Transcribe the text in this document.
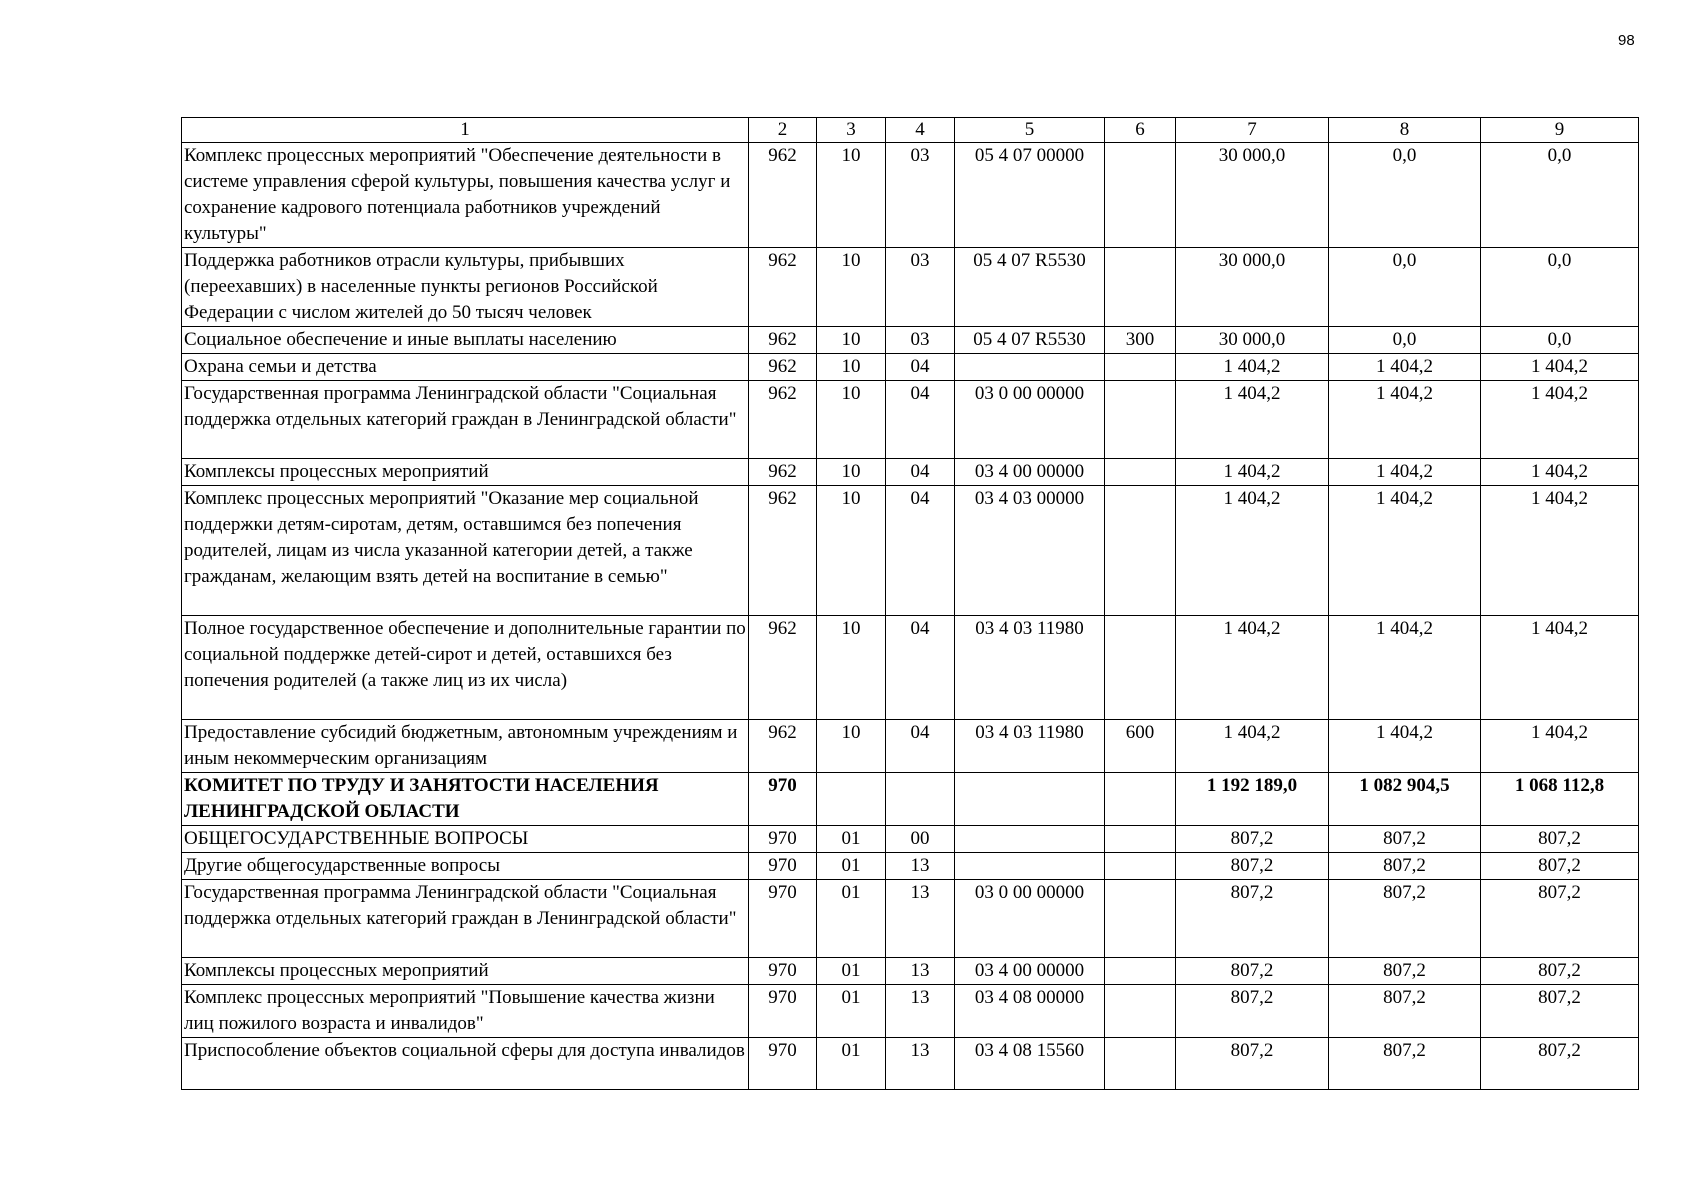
98
1	2	3	4	5	6	7	8	9
Комплекс процессных мероприятий "Обеспечение деятельности в системе управления сферой культуры, повышения качества услуг и сохранение кадрового потенциала работников учреждений культуры"	962	10	03	05 4 07 00000		30 000,0	0,0	0,0
Поддержка работников отрасли культуры, прибывших (переехавших) в населенные пункты регионов Российской Федерации с числом жителей до 50 тысяч человек	962	10	03	05 4 07 R5530		30 000,0	0,0	0,0
Социальное обеспечение и иные выплаты населению	962	10	03	05 4 07 R5530	300	30 000,0	0,0	0,0
Охрана семьи и детства	962	10	04			1 404,2	1 404,2	1 404,2
Государственная программа Ленинградской области "Социальная поддержка отдельных категорий граждан в Ленинградской области"	962	10	04	03 0 00 00000		1 404,2	1 404,2	1 404,2
Комплексы процессных мероприятий	962	10	04	03 4 00 00000		1 404,2	1 404,2	1 404,2
Комплекс процессных мероприятий "Оказание мер социальной поддержки детям-сиротам, детям, оставшимся без попечения родителей, лицам из числа указанной категории детей, а также гражданам, желающим взять детей на воспитание в семью"	962	10	04	03 4 03 00000		1 404,2	1 404,2	1 404,2
Полное государственное обеспечение и дополнительные гарантии по социальной поддержке детей-сирот и детей, оставшихся без попечения родителей (а также лиц из их числа)	962	10	04	03 4 03 11980		1 404,2	1 404,2	1 404,2
Предоставление субсидий бюджетным, автономным учреждениям и иным некоммерческим организациям	962	10	04	03 4 03 11980	600	1 404,2	1 404,2	1 404,2
КОМИТЕТ ПО ТРУДУ И ЗАНЯТОСТИ НАСЕЛЕНИЯ ЛЕНИНГРАДСКОЙ ОБЛАСТИ	970					1 192 189,0	1 082 904,5	1 068 112,8
ОБЩЕГОСУДАРСТВЕННЫЕ ВОПРОСЫ	970	01	00			807,2	807,2	807,2
Другие общегосударственные вопросы	970	01	13			807,2	807,2	807,2
Государственная программа Ленинградской области "Социальная поддержка отдельных категорий граждан в Ленинградской области"	970	01	13	03 0 00 00000		807,2	807,2	807,2
Комплексы процессных мероприятий	970	01	13	03 4 00 00000		807,2	807,2	807,2
Комплекс процессных мероприятий "Повышение качества жизни лиц пожилого возраста и инвалидов"	970	01	13	03 4 08 00000		807,2	807,2	807,2
Приспособление объектов социальной сферы для доступа инвалидов	970	01	13	03 4 08 15560		807,2	807,2	807,2
